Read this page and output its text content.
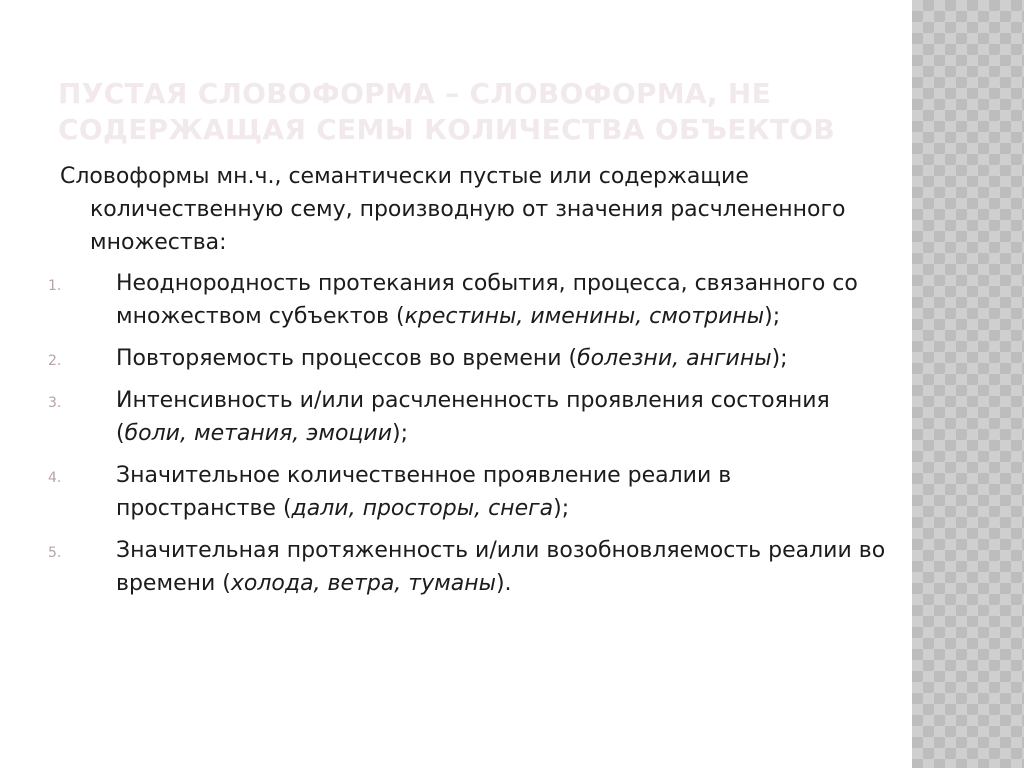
ПУСТАЯ СЛОВОФОРМА – СЛОВОФОРМА, НЕ СОДЕРЖАЩАЯ СЕМЫ КОЛИЧЕСТВА ОБЪЕКТОВ

Словоформы мн.ч., семантически пустые или содержащие количественную сему, производную от значения расчлененного множества:

1. Неоднородность протекания события, процесса, связанного со множеством субъектов (крестины, именины, смотрины);
2. Повторяемость процессов во времени (болезни, ангины);
3. Интенсивность и/или расчлененность проявления состояния (боли, метания, эмоции);
4. Значительное количественное проявление реалии в пространстве (дали, просторы, снега);
5. Значительная протяженность и/или возобновляемость реалии во времени (холода, ветра, туманы).
